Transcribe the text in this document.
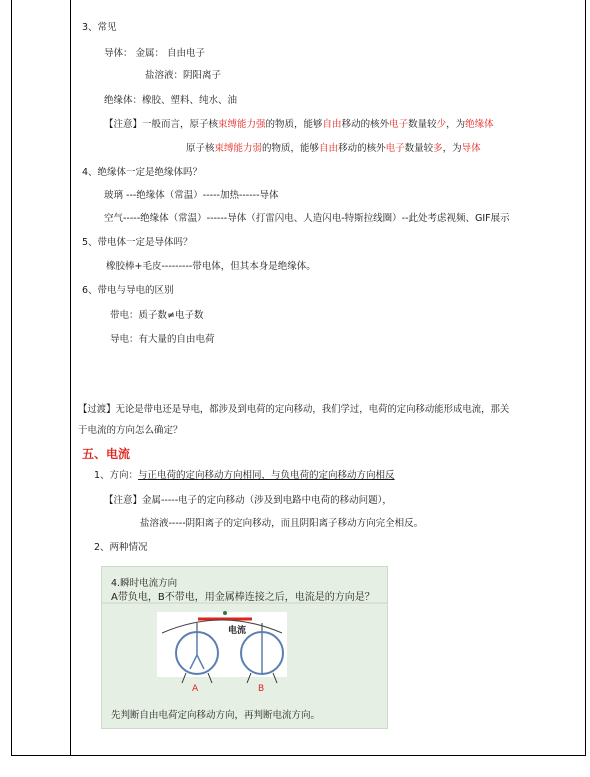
3、常见
导体： 金属： 自由电子
盐溶液：阴阳离子
绝缘体：橡胶、塑料、纯水、油
【注意】一般而言，原子核束缚能力强的物质，能够自由移动的核外电子数量较少，为绝缘体
原子核束缚能力弱的物质，能够自由移动的核外电子数量较多，为导体
4、绝缘体一定是绝缘体吗？
玻璃 ---绝缘体（常温）-----加热------导体
空气-----绝缘体（常温）------导体（打雷闪电、人造闪电-特斯拉线圈）--此处考虑视频、GIF展示
5、带电体一定是导体吗？
橡胶棒+毛皮---------带电体，但其本身是绝缘体。
6、带电与导电的区别
带电：质子数≠电子数
导电：有大量的自由电荷
【过渡】无论是带电还是导电，都涉及到电荷的定向移动，我们学过，电荷的定向移动能形成电流，那关
于电流的方向怎么确定？
五、电流
1、方向：与正电荷的定向移动方向相同，与负电荷的定向移动方向相反
【注意】金属-----电子的定向移动（涉及到电路中电荷的移动问题），
盐溶液-----阴阳离子的定向移动，而且阴阳离子移动方向完全相反。
2、两种情况
4.瞬时电流方向
A带负电，B不带电，用金属棒连接之后，电流是的方向是？
电流
A	B
先判断自由电荷定向移动方向，再判断电流方向。
